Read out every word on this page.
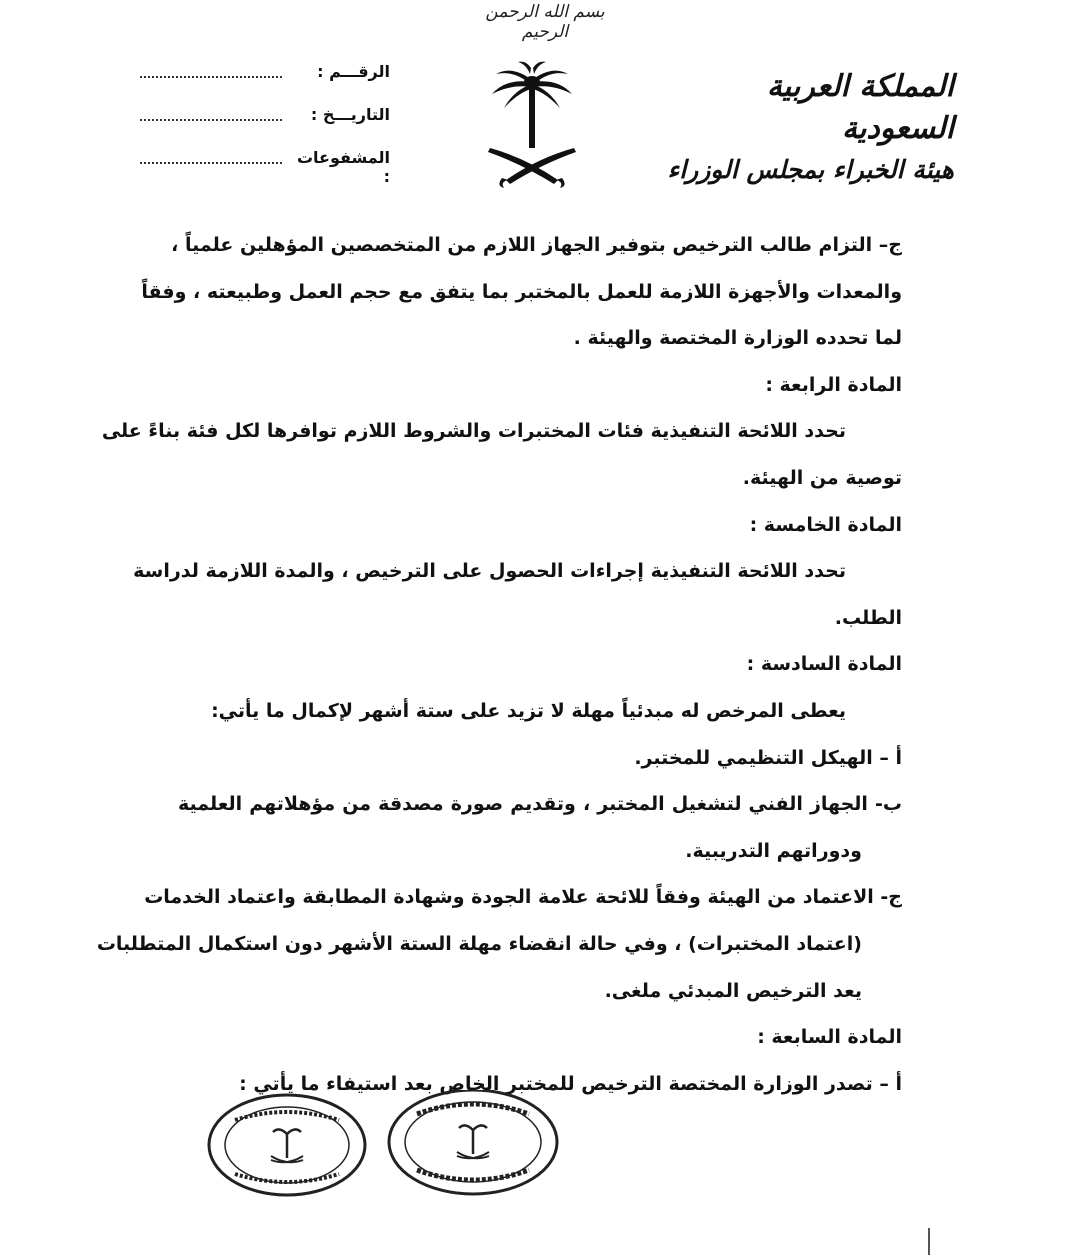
بسم الله الرحمن الرحيم
المملكة العربية السعودية
هيئة الخبراء بمجلس الوزراء
الرقـــم :
التاريـــخ :
المشفوعات :
ج– التزام طالب الترخيص بتوفير الجهاز اللازم من المتخصصين المؤهلين علمياً ،
والمعدات والأجهزة اللازمة للعمل بالمختبر بما يتفق مع حجم العمل وطبيعته ، وفقاً
لما تحدده الوزارة المختصة والهيئة .
المادة الرابعة :
تحدد اللائحة التنفيذية فئات المختبرات والشروط اللازم توافرها لكل فئة بناءً على
توصية من الهيئة.
المادة الخامسة :
تحدد اللائحة التنفيذية إجراءات الحصول على الترخيص ، والمدة اللازمة لدراسة
الطلب.
المادة السادسة :
يعطى المرخص له مبدئياً مهلة لا تزيد على ستة أشهر لإكمال ما يأتي:
أ – الهيكل التنظيمي للمختبر.
ب- الجهاز الفني لتشغيل المختبر ، وتقديم صورة مصدقة من مؤهلاتهم العلمية
ودوراتهم التدريبية.
ج- الاعتماد من الهيئة وفقاً للائحة علامة الجودة وشهادة المطابقة واعتماد الخدمات
(اعتماد المختبرات) ، وفي حالة انقضاء مهلة الستة الأشهر دون استكمال المتطلبات
يعد الترخيص المبدئي ملغى.
المادة السابعة :
أ – تصدر الوزارة المختصة الترخيص للمختبر الخاص بعد استيفاء ما يأتي :
